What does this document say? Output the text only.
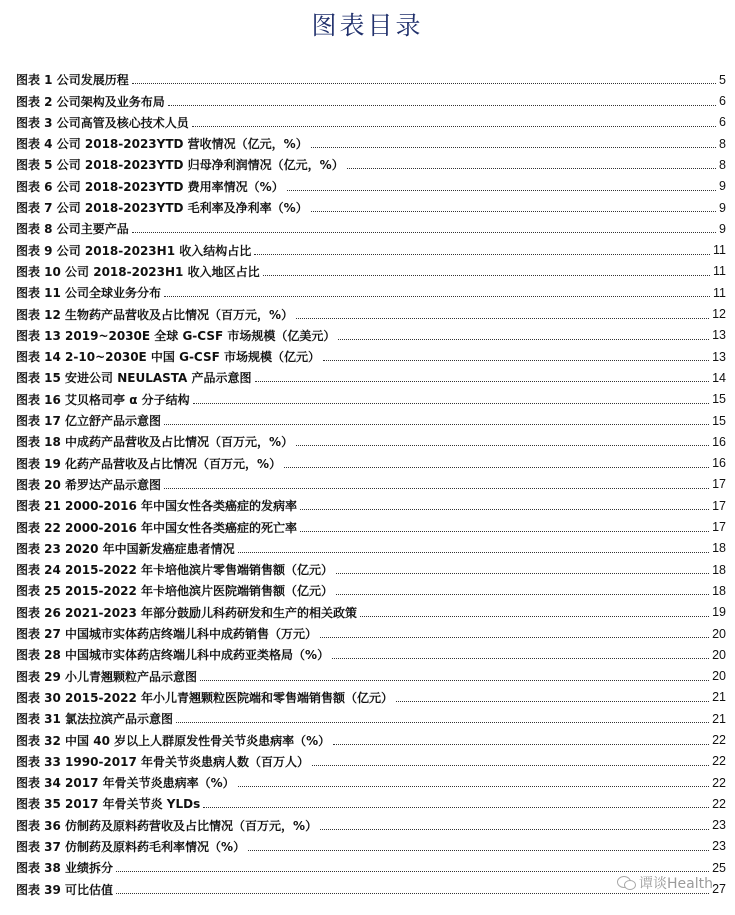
图表目录
图表 1 公司发展历程	5
图表 2 公司架构及业务布局	6
图表 3 公司高管及核心技术人员	6
图表 4 公司 2018-2023YTD 营收情况（亿元，%）	8
图表 5 公司 2018-2023YTD 归母净利润情况（亿元，%）	8
图表 6 公司 2018-2023YTD 费用率情况（%）	9
图表 7 公司 2018-2023YTD 毛利率及净利率（%）	9
图表 8 公司主要产品	9
图表 9 公司 2018-2023H1 收入结构占比	11
图表 10 公司 2018-2023H1 收入地区占比	11
图表 11 公司全球业务分布	11
图表 12 生物药产品营收及占比情况（百万元，%）	12
图表 13 2019~2030E 全球 G-CSF 市场规模（亿美元）	13
图表 14 2-10~2030E 中国 G-CSF 市场规模（亿元）	13
图表 15 安进公司 NEULASTA 产品示意图	14
图表 16 艾贝格司亭 α 分子结构	15
图表 17 亿立舒产品示意图	15
图表 18 中成药产品营收及占比情况（百万元，%）	16
图表 19 化药产品营收及占比情况（百万元，%）	16
图表 20 希罗达产品示意图	17
图表 21 2000-2016 年中国女性各类癌症的发病率	17
图表 22 2000-2016 年中国女性各类癌症的死亡率	17
图表 23 2020 年中国新发癌症患者情况	18
图表 24 2015-2022 年卡培他滨片零售端销售额（亿元）	18
图表 25 2015-2022 年卡培他滨片医院端销售额（亿元）	18
图表 26 2021-2023 年部分鼓励儿科药研发和生产的相关政策	19
图表 27 中国城市实体药店终端儿科中成药销售（万元）	20
图表 28 中国城市实体药店终端儿科中成药亚类格局（%）	20
图表 29 小儿青翘颗粒产品示意图	20
图表 30 2015-2022 年小儿青翘颗粒医院端和零售端销售额（亿元）	21
图表 31 氯法拉滨产品示意图	21
图表 32 中国 40 岁以上人群原发性骨关节炎患病率（%）	22
图表 33 1990-2017 年骨关节炎患病人数（百万人）	22
图表 34 2017 年骨关节炎患病率（%）	22
图表 35 2017 年骨关节炎 YLDs	22
图表 36 仿制药及原料药营收及占比情况（百万元，%）	23
图表 37 仿制药及原料药毛利率情况（%）	23
图表 38 业绩拆分	25
图表 39 可比估值	27
谭谈Health
